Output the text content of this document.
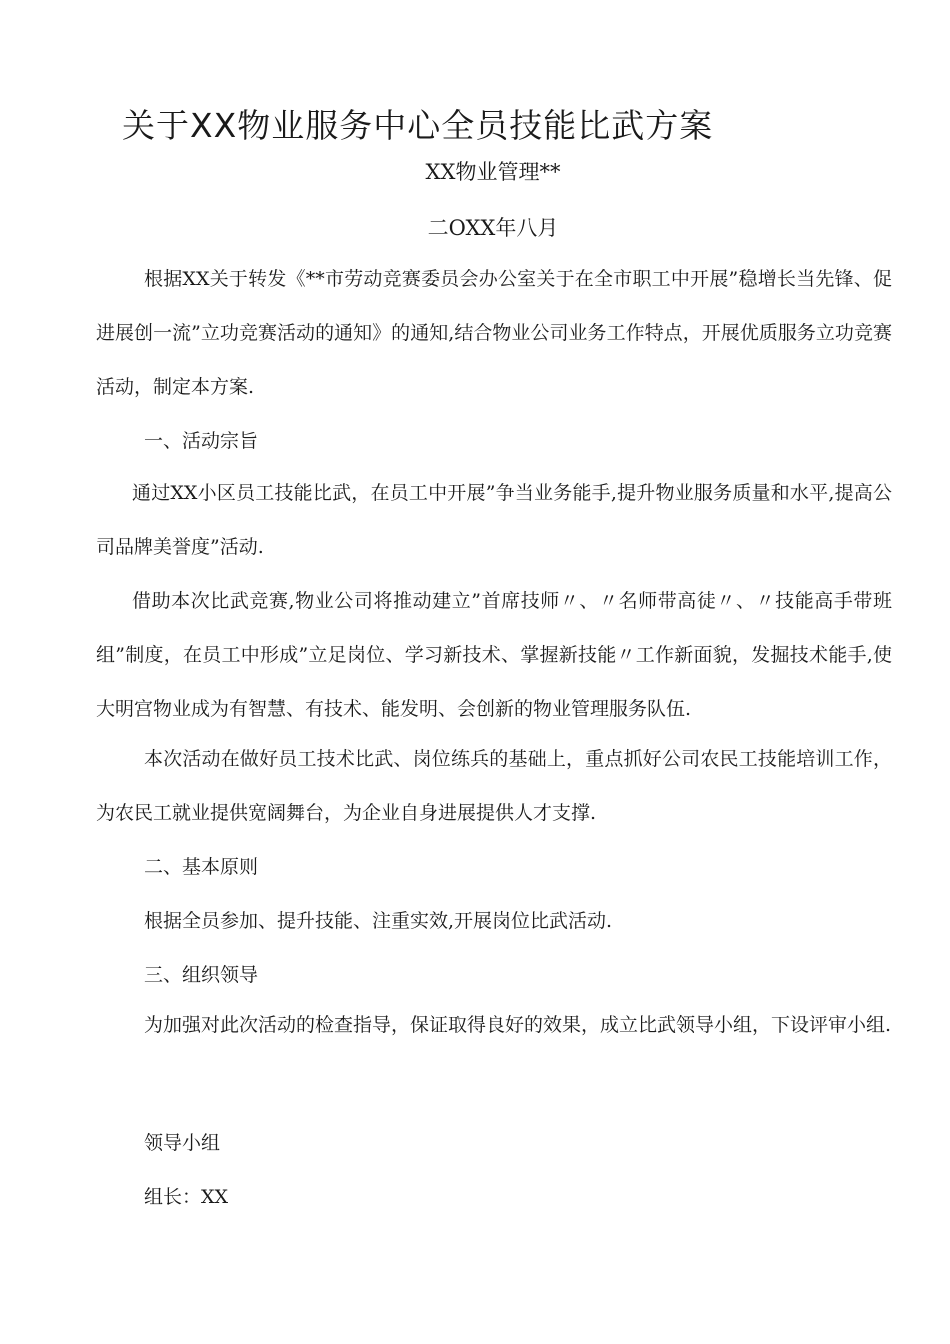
关于XX物业服务中心全员技能比武方案
XX物业管理**
二OXX年八月

根据XX关于转发《**市劳动竞赛委员会办公室关于在全市职工中开展”稳增长当先锋、促进展创一流”立功竞赛活动的通知》的通知,结合物业公司业务工作特点，开展优质服务立功竞赛活动，制定本方案.

一、活动宗旨

通过XX小区员工技能比武，在员工中开展”争当业务能手,提升物业服务质量和水平,提高公司品牌美誉度”活动.

借助本次比武竞赛,物业公司将推动建立”首席技师〃、〃名师带高徒〃、〃技能高手带班组”制度，在员工中形成”立足岗位、学习新技术、掌握新技能〃工作新面貌，发掘技术能手,使大明宫物业成为有智慧、有技术、能发明、会创新的物业管理服务队伍.

本次活动在做好员工技术比武、岗位练兵的基础上，重点抓好公司农民工技能培训工作，为农民工就业提供宽阔舞台，为企业自身进展提供人才支撑.

二、基本原则

根据全员参加、提升技能、注重实效,开展岗位比武活动.

三、组织领导

为加强对此次活动的检查指导，保证取得良好的效果，成立比武领导小组，下设评审小组.

领导小组

组长：XX
